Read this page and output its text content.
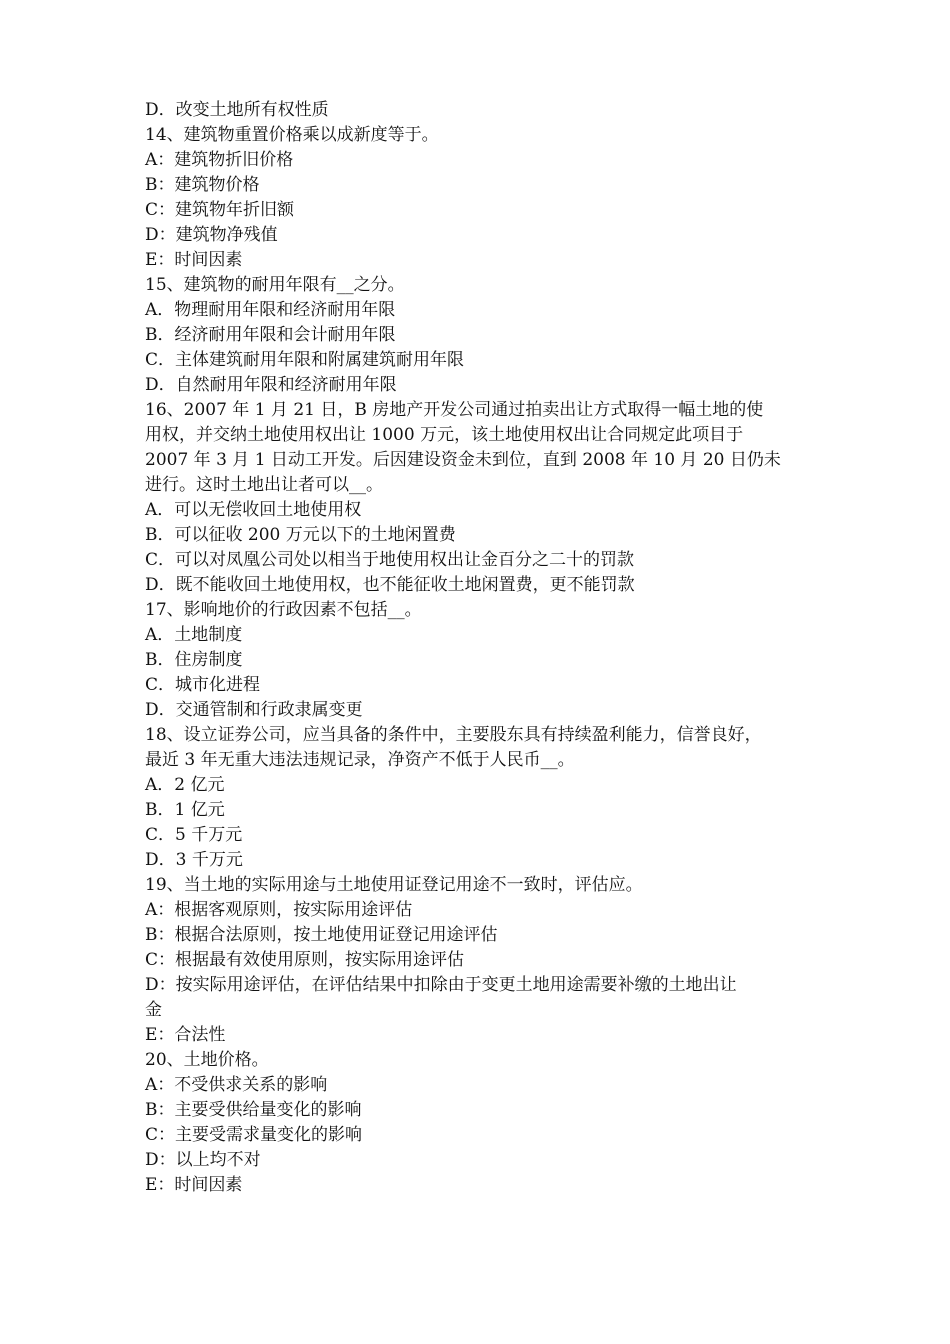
D．改变土地所有权性质

14、建筑物重置价格乘以成新度等于。

A：建筑物折旧价格

B：建筑物价格

C：建筑物年折旧额

D：建筑物净残值

E：时间因素

15、建筑物的耐用年限有__之分。

A．物理耐用年限和经济耐用年限

B．经济耐用年限和会计耐用年限

C．主体建筑耐用年限和附属建筑耐用年限

D．自然耐用年限和经济耐用年限

16、2007 年 1 月 21 日，B 房地产开发公司通过拍卖出让方式取得一幅土地的使

用权，并交纳土地使用权出让 1000 万元，该土地使用权出让合同规定此项目于

2007 年 3 月 1 日动工开发。后因建设资金未到位，直到 2008 年 10 月 20 日仍未

进行。这时土地出让者可以__。

A．可以无偿收回土地使用权

B．可以征收 200 万元以下的土地闲置费

C．可以对凤凰公司处以相当于地使用权出让金百分之二十的罚款

D．既不能收回土地使用权，也不能征收土地闲置费，更不能罚款

17、影响地价的行政因素不包括__。

A．土地制度

B．住房制度

C．城市化进程

D．交通管制和行政隶属变更

18、设立证券公司，应当具备的条件中，主要股东具有持续盈利能力，信誉良好，

最近 3 年无重大违法违规记录，净资产不低于人民币__。

A．2 亿元

B．1 亿元

C．5 千万元

D．3 千万元

19、当土地的实际用途与土地使用证登记用途不一致时，评估应。

A：根据客观原则，按实际用途评估

B：根据合法原则，按土地使用证登记用途评估

C：根据最有效使用原则，按实际用途评估

D：按实际用途评估，在评估结果中扣除由于变更土地用途需要补缴的土地出让

金

E：合法性

20、土地价格。

A：不受供求关系的影响

B：主要受供给量变化的影响

C：主要受需求量变化的影响

D：以上均不对

E：时间因素
